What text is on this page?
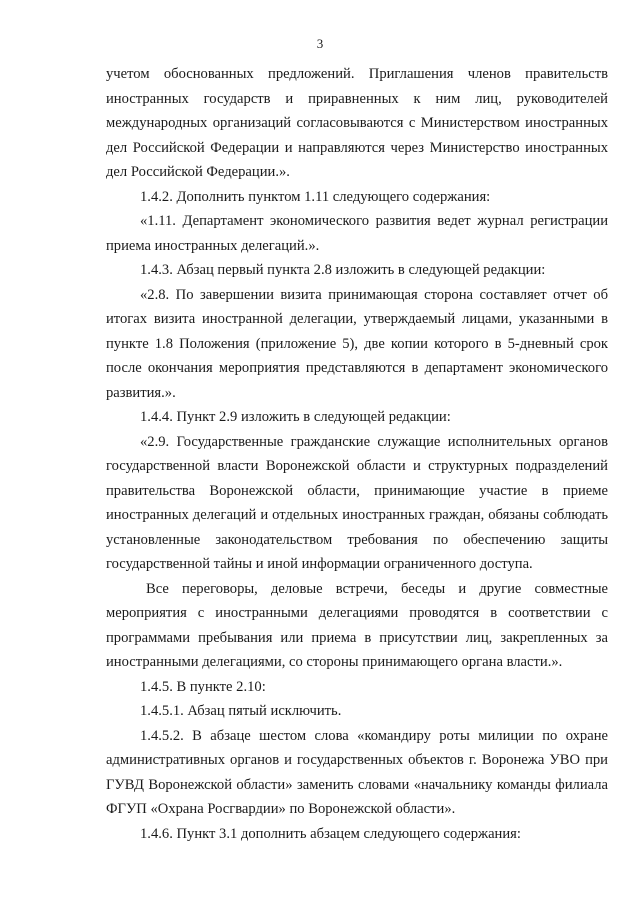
3

учетом обоснованных предложений. Приглашения членов правительств иностранных государств и приравненных к ним лиц, руководителей международных организаций согласовываются с Министерством иностранных дел Российской Федерации и направляются через Министерство иностранных дел Российской Федерации.».

1.4.2. Дополнить пунктом 1.11 следующего содержания:

«1.11. Департамент экономического развития ведет журнал регистрации приема иностранных делегаций.».

1.4.3. Абзац первый пункта 2.8 изложить в следующей редакции:

«2.8. По завершении визита принимающая сторона составляет отчет об итогах визита иностранной делегации, утверждаемый лицами, указанными в пункте 1.8 Положения (приложение 5), две копии которого в 5-дневный срок после окончания мероприятия представляются в департамент экономического развития.».

1.4.4. Пункт 2.9 изложить в следующей редакции:

«2.9. Государственные гражданские служащие исполнительных органов государственной власти Воронежской области и структурных подразделений правительства Воронежской области, принимающие участие в приеме иностранных делегаций и отдельных иностранных граждан, обязаны соблюдать установленные законодательством требования по обеспечению защиты государственной тайны и иной информации ограниченного доступа.

Все переговоры, деловые встречи, беседы и другие совместные мероприятия с иностранными делегациями проводятся в соответствии с программами пребывания или приема в присутствии лиц, закрепленных за иностранными делегациями, со стороны принимающего органа власти.».

1.4.5. В пункте 2.10:

1.4.5.1. Абзац пятый исключить.

1.4.5.2. В абзаце шестом слова «командиру роты милиции по охране административных органов и государственных объектов г. Воронежа УВО при ГУВД Воронежской области» заменить словами «начальнику команды филиала ФГУП «Охрана Росгвардии» по Воронежской области».

1.4.6. Пункт 3.1 дополнить абзацем следующего содержания:
